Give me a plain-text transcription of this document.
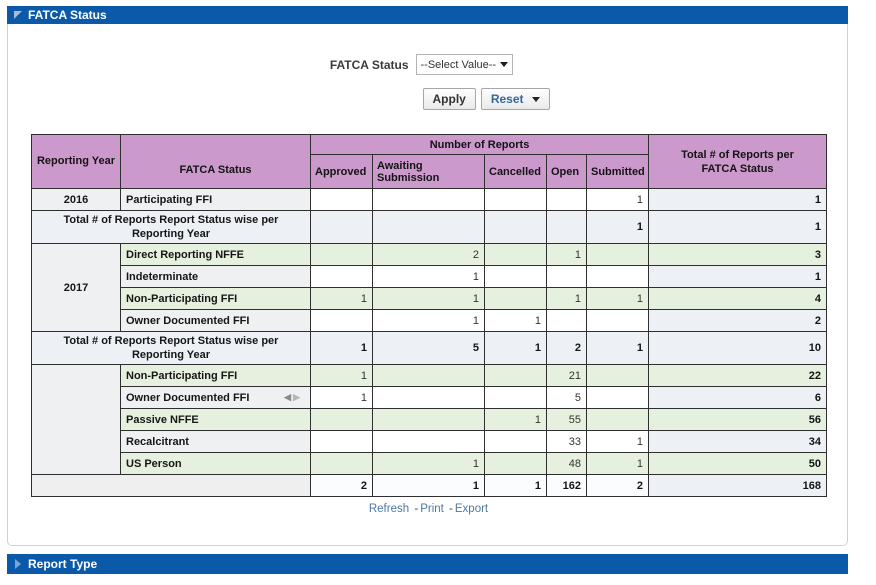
FATCA Status
FATCA Status	--Select Value--
Apply	Reset
Reporting Year	FATCA Status	Number of Reports					Total # of Reports per FATCA Status
		Approved	Awaiting Submission	Cancelled	Open	Submitted	
2016	Participating FFI					1	1
Total # of Reports Report Status wise per Reporting Year						1	1
2017	Direct Reporting NFFE		2		1		3

	Indeterminate		1				1

	Non-Participating FFI	1	1		1	1	4

	Owner Documented FFI		1	1			2
Total # of Reports Report Status wise per Reporting Year		1	5	1	2	1	10

	Non-Participating FFI	1			21		22

	Owner Documented FFI ◀▶	1			5		6

	Passive NFFE			1	55		56

	Recalcitrant				33	1	34

	US Person		1		48	1	50
		2	1	1	162	2	168
Refresh - Print - Export
Report Type
